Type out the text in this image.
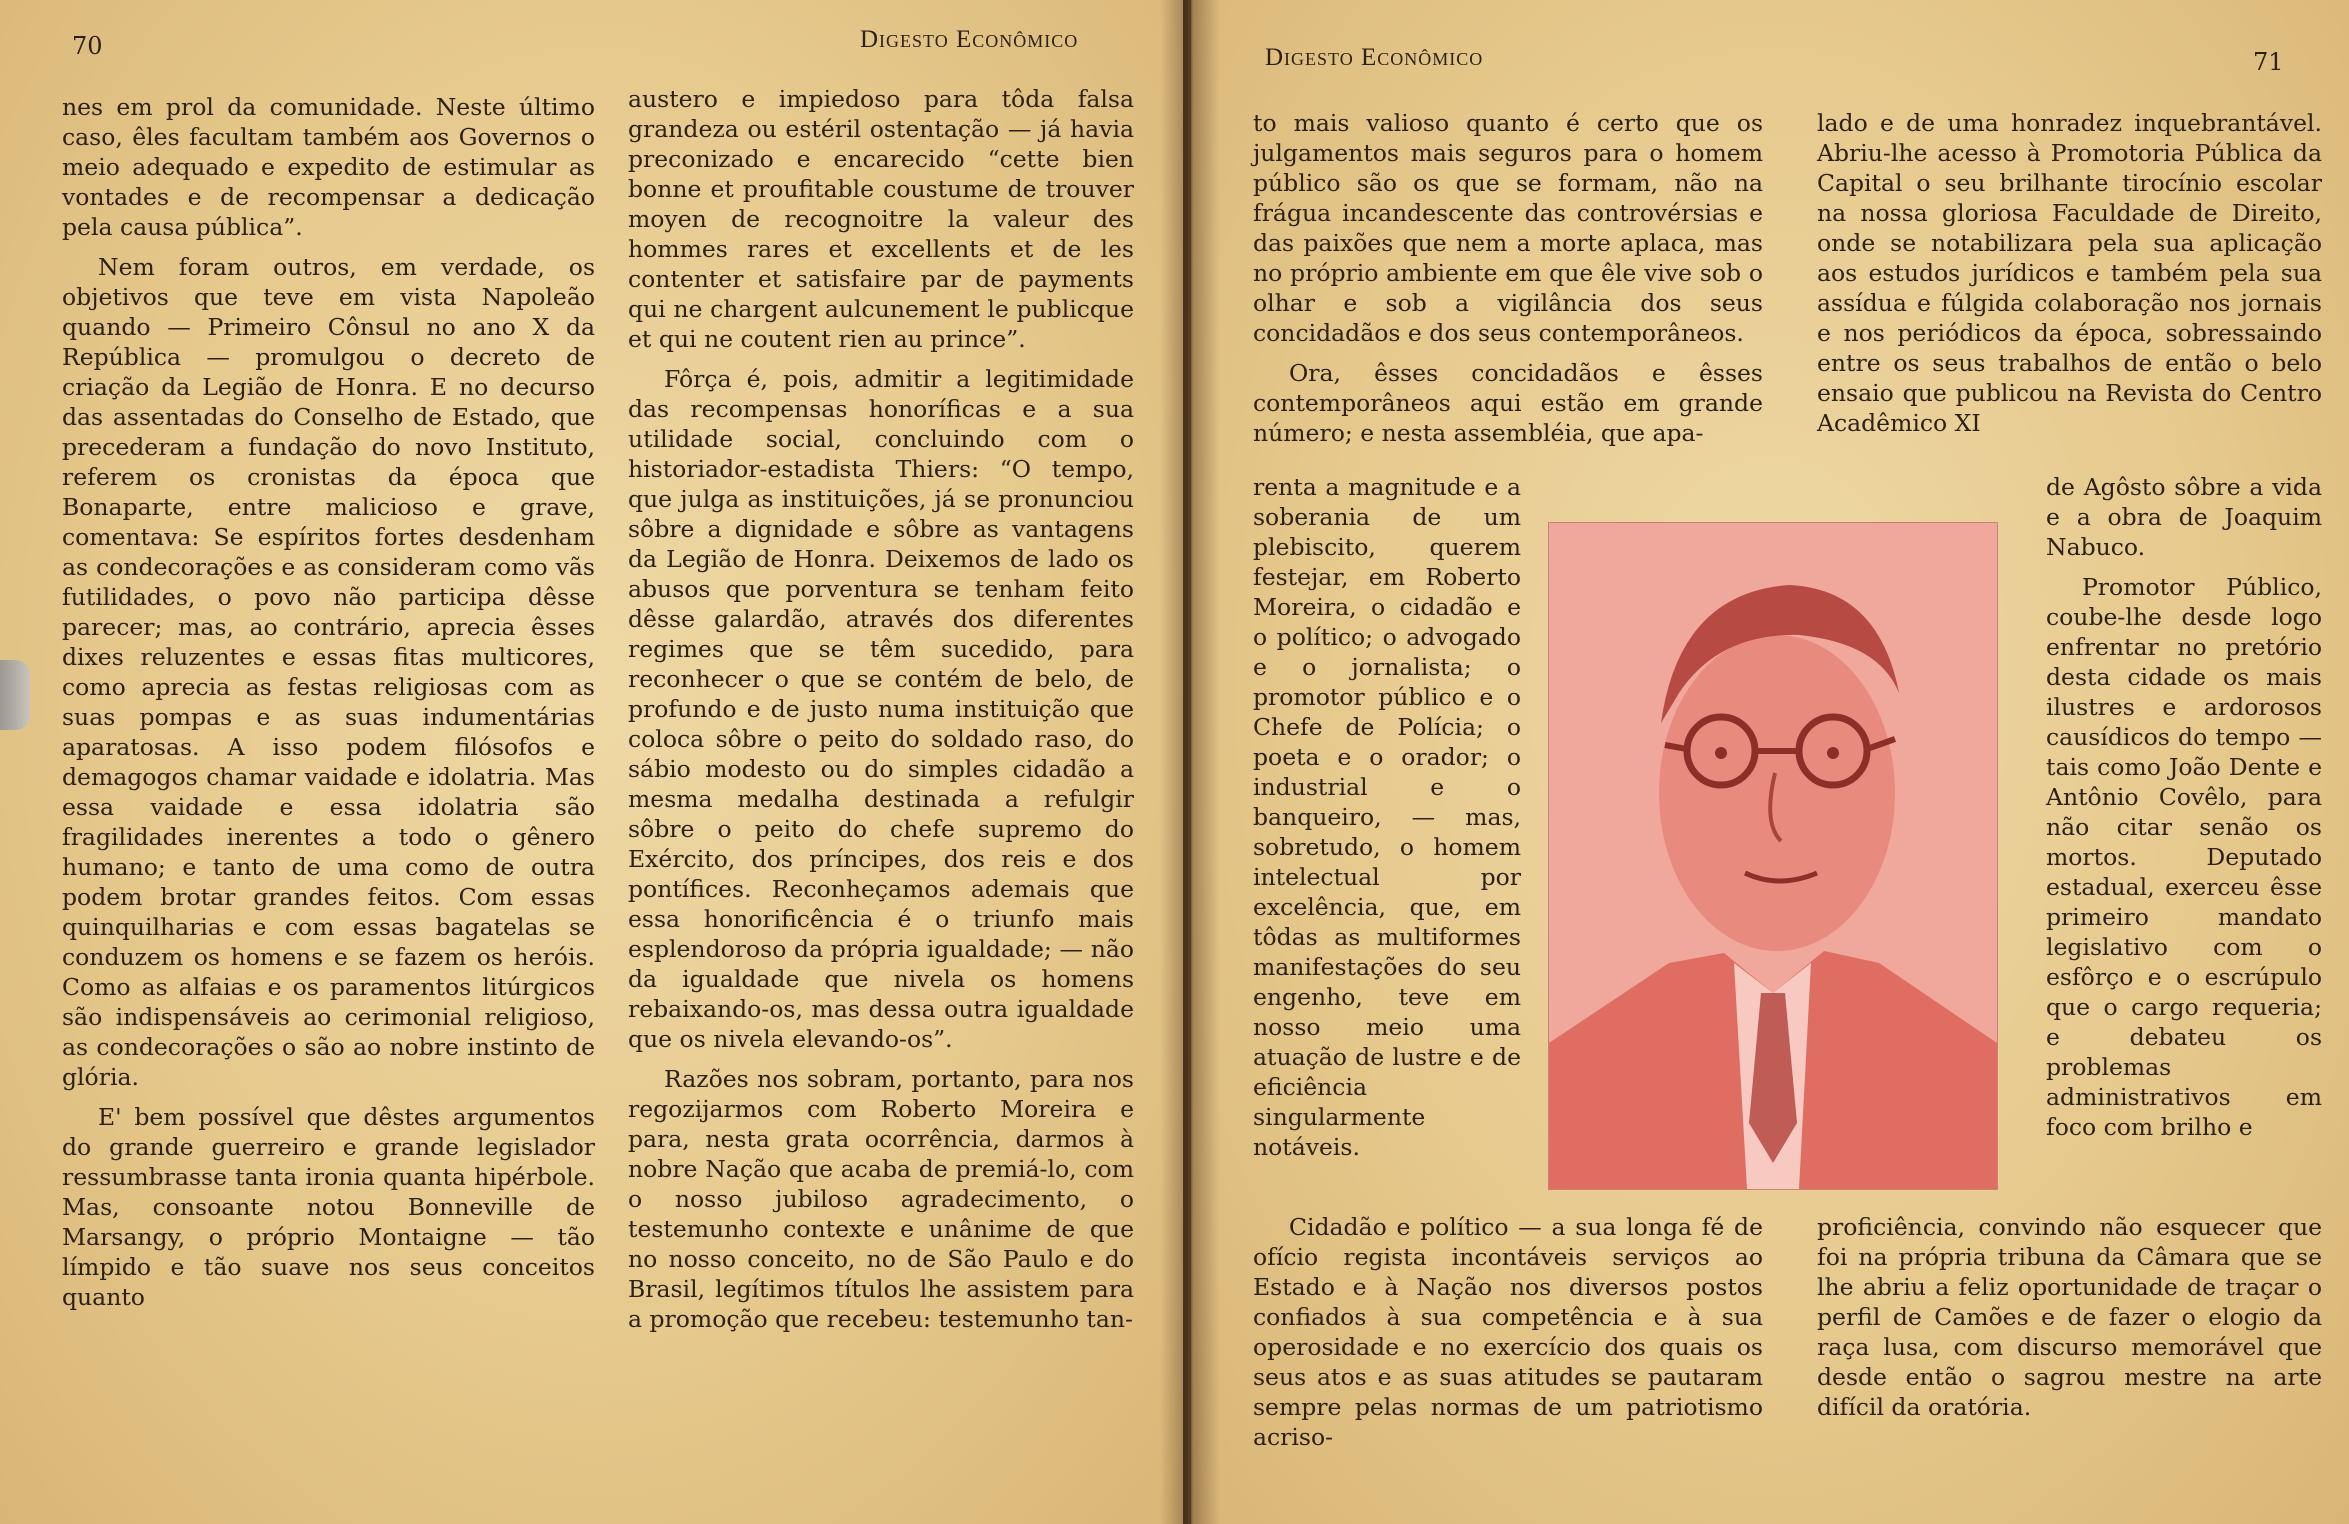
70	Digesto Econômico

nes em prol da comunidade. Neste último caso, êles facultam também aos Governos o meio adequado e expedito de estimular as vontades e de recompensar a dedicação pela causa pública”.

Nem foram outros, em verdade, os objetivos que teve em vista Napoleão quando — Primeiro Cônsul no ano X da República — promulgou o decreto de criação da Legião de Honra. E no decurso das assentadas do Conselho de Estado, que precederam a fundação do novo Instituto, referem os cronistas da época que Bonaparte, entre malicioso e grave, comentava: Se espíritos fortes desdenham as condecorações e as consideram como vãs futilidades, o povo não participa dêsse parecer; mas, ao contrário, aprecia êsses dixes reluzentes e essas fitas multicores, como aprecia as festas religiosas com as suas pompas e as suas indumentárias aparatosas. A isso podem filósofos e demagogos chamar vaidade e idolatria. Mas essa vaidade e essa idolatria são fragilidades inerentes a todo o gênero humano; e tanto de uma como de outra podem brotar grandes feitos. Com essas quinquilharias e com essas bagatelas se conduzem os homens e se fazem os heróis. Como as alfaias e os paramentos litúrgicos são indispensáveis ao cerimonial religioso, as condecorações o são ao nobre instinto de glória.

E' bem possível que dêstes argumentos do grande guerreiro e grande legislador ressumbrasse tanta ironia quanta hipérbole. Mas, consoante notou Bonneville de Marsangy, o próprio Montaigne — tão límpido e tão suave nos seus conceitos quanto

austero e impiedoso para tôda falsa grandeza ou estéril ostentação — já havia preconizado e encarecido “cette bien bonne et proufitable coustume de trouver moyen de recognoitre la valeur des hommes rares et excellents et de les contenter et satisfaire par de payments qui ne chargent aulcunement le publicque et qui ne coutent rien au prince”.

Fôrça é, pois, admitir a legitimidade das recompensas honoríficas e a sua utilidade social, concluindo com o historiador-estadista Thiers: “O tempo, que julga as instituições, já se pronunciou sôbre a dignidade e sôbre as vantagens da Legião de Honra. Deixemos de lado os abusos que porventura se tenham feito dêsse galardão, através dos diferentes regimes que se têm sucedido, para reconhecer o que se contém de belo, de profundo e de justo numa instituição que coloca sôbre o peito do soldado raso, do sábio modesto ou do simples cidadão a mesma medalha destinada a refulgir sôbre o peito do chefe supremo do Exército, dos príncipes, dos reis e dos pontífices. Reconheçamos ademais que essa honorificência é o triunfo mais esplendoroso da própria igualdade; — não da igualdade que nivela os homens rebaixando-os, mas dessa outra igualdade que os nivela elevando-os”.

Razões nos sobram, portanto, para nos regozijarmos com Roberto Moreira e para, nesta grata ocorrência, darmos à nobre Nação que acaba de premiá-lo, com o nosso jubiloso agradecimento, o testemunho contexte e unânime de que no nosso conceito, no de São Paulo e do Brasil, legítimos títulos lhe assistem para a promoção que recebeu: testemunho tan-

Digesto Econômico	71

to mais valioso quanto é certo que os julgamentos mais seguros para o homem público são os que se formam, não na frágua incandescente das controvérsias e das paixões que nem a morte aplaca, mas no próprio ambiente em que êle vive sob o olhar e sob a vigilância dos seus concidadãos e dos seus contemporâneos.

Ora, êsses concidadãos e êsses contemporâneos aqui estão em grande número; e nesta assembléia, que apa-

renta a magnitude e a soberania de um plebiscito, querem festejar, em Roberto Moreira, o cidadão e o político; o advogado e o jornalista; o promotor público e o Chefe de Polícia; o poeta e o orador; o industrial e o banqueiro, — mas, sobretudo, o homem intelectual por excelência, que, em tôdas as multiformes manifestações do seu engenho, teve em nosso meio uma atuação de lustre e de eficiência singularmente notáveis.

Cidadão e político — a sua longa fé de ofício regista incontáveis serviços ao Estado e à Nação nos diversos postos confiados à sua competência e à sua operosidade e no exercício dos quais os seus atos e as suas atitudes se pautaram sempre pelas normas de um patriotismo acriso-

lado e de uma honradez inquebrantável. Abriu-lhe acesso à Promotoria Pública da Capital o seu brilhante tirocínio escolar na nossa gloriosa Faculdade de Direito, onde se notabilizara pela sua aplicação aos estudos jurídicos e também pela sua assídua e fúlgida colaboração nos jornais e nos periódicos da época, sobressaindo entre os seus trabalhos de então o belo ensaio que publicou na Revista do Centro Acadêmico XI

de Agôsto sôbre a vida e a obra de Joaquim Nabuco.

Promotor Público, coube-lhe desde logo enfrentar no pretório desta cidade os mais ilustres e ardorosos causídicos do tempo — tais como João Dente e Antônio Covêlo, para não citar senão os mortos. Deputado estadual, exerceu êsse primeiro mandato legislativo com o esfôrço e o escrúpulo que o cargo requeria; e debateu os problemas administrativos em foco com brilho e

proficiência, convindo não esquecer que foi na própria tribuna da Câmara que se lhe abriu a feliz oportunidade de traçar o perfil de Camões e de fazer o elogio da raça lusa, com discurso memorável que desde então o sagrou mestre na arte difícil da oratória.
